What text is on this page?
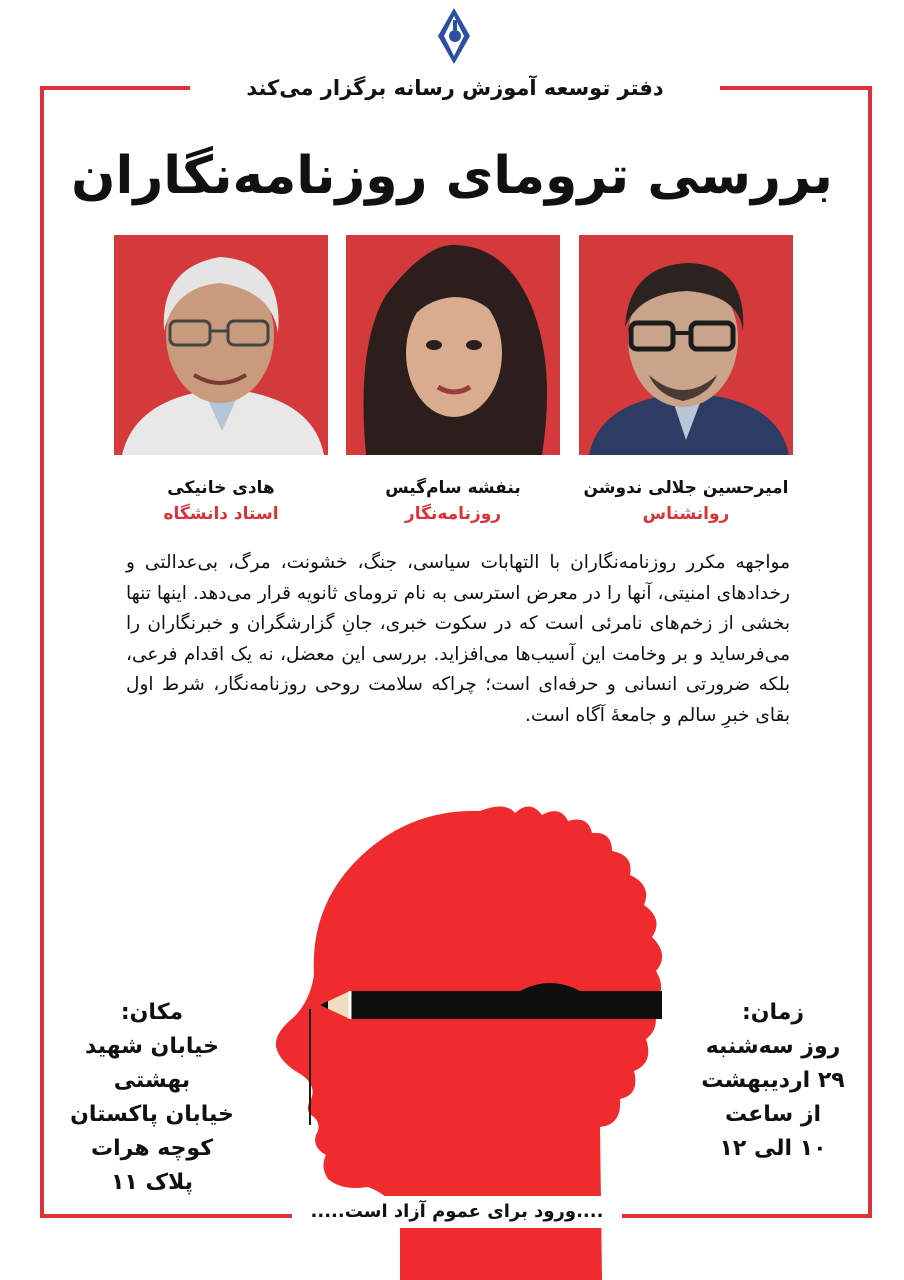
دفتر توسعه آموزش رسانه برگزار می‌کند
بررسی ترومای روزنامه‌نگاران
امیرحسین جلالی ندوشن
روانشناس
بنفشه سام‌گیس
روزنامه‌نگار
هادی خانیکی
استاد دانشگاه
مواجهه مکرر روزنامه‌نگاران با التهابات سیاسی، جنگ، خشونت، مرگ، بی‌عدالتی و رخدادهای امنیتی، آنها را در معرض استرسی به نام ترومای ثانویه قرار می‌دهد. اینها تنها بخشی از زخم‌های نامرئی است که در سکوت خبری، جانِ گزارشگران و خبرنگاران را می‌فرساید و بر وخامت این آسیب‌ها می‌افزاید. بررسی این معضل، نه یک اقدام فرعی، بلکه ضرورتی انسانی و حرفه‌ای است؛ چراکه سلامت روحی روزنامه‌نگار، شرط اول بقای خبرِ سالم و جامعهٔ آگاه است.
زمان:
روز سه‌شنبه
۲۹ اردیبهشت
از ساعت
۱۰ الی ۱۲
مکان:
خیابان شهید بهشتی
خیابان پاکستان
کوچه هرات
پلاک ۱۱
....ورود برای عموم آزاد است.....
